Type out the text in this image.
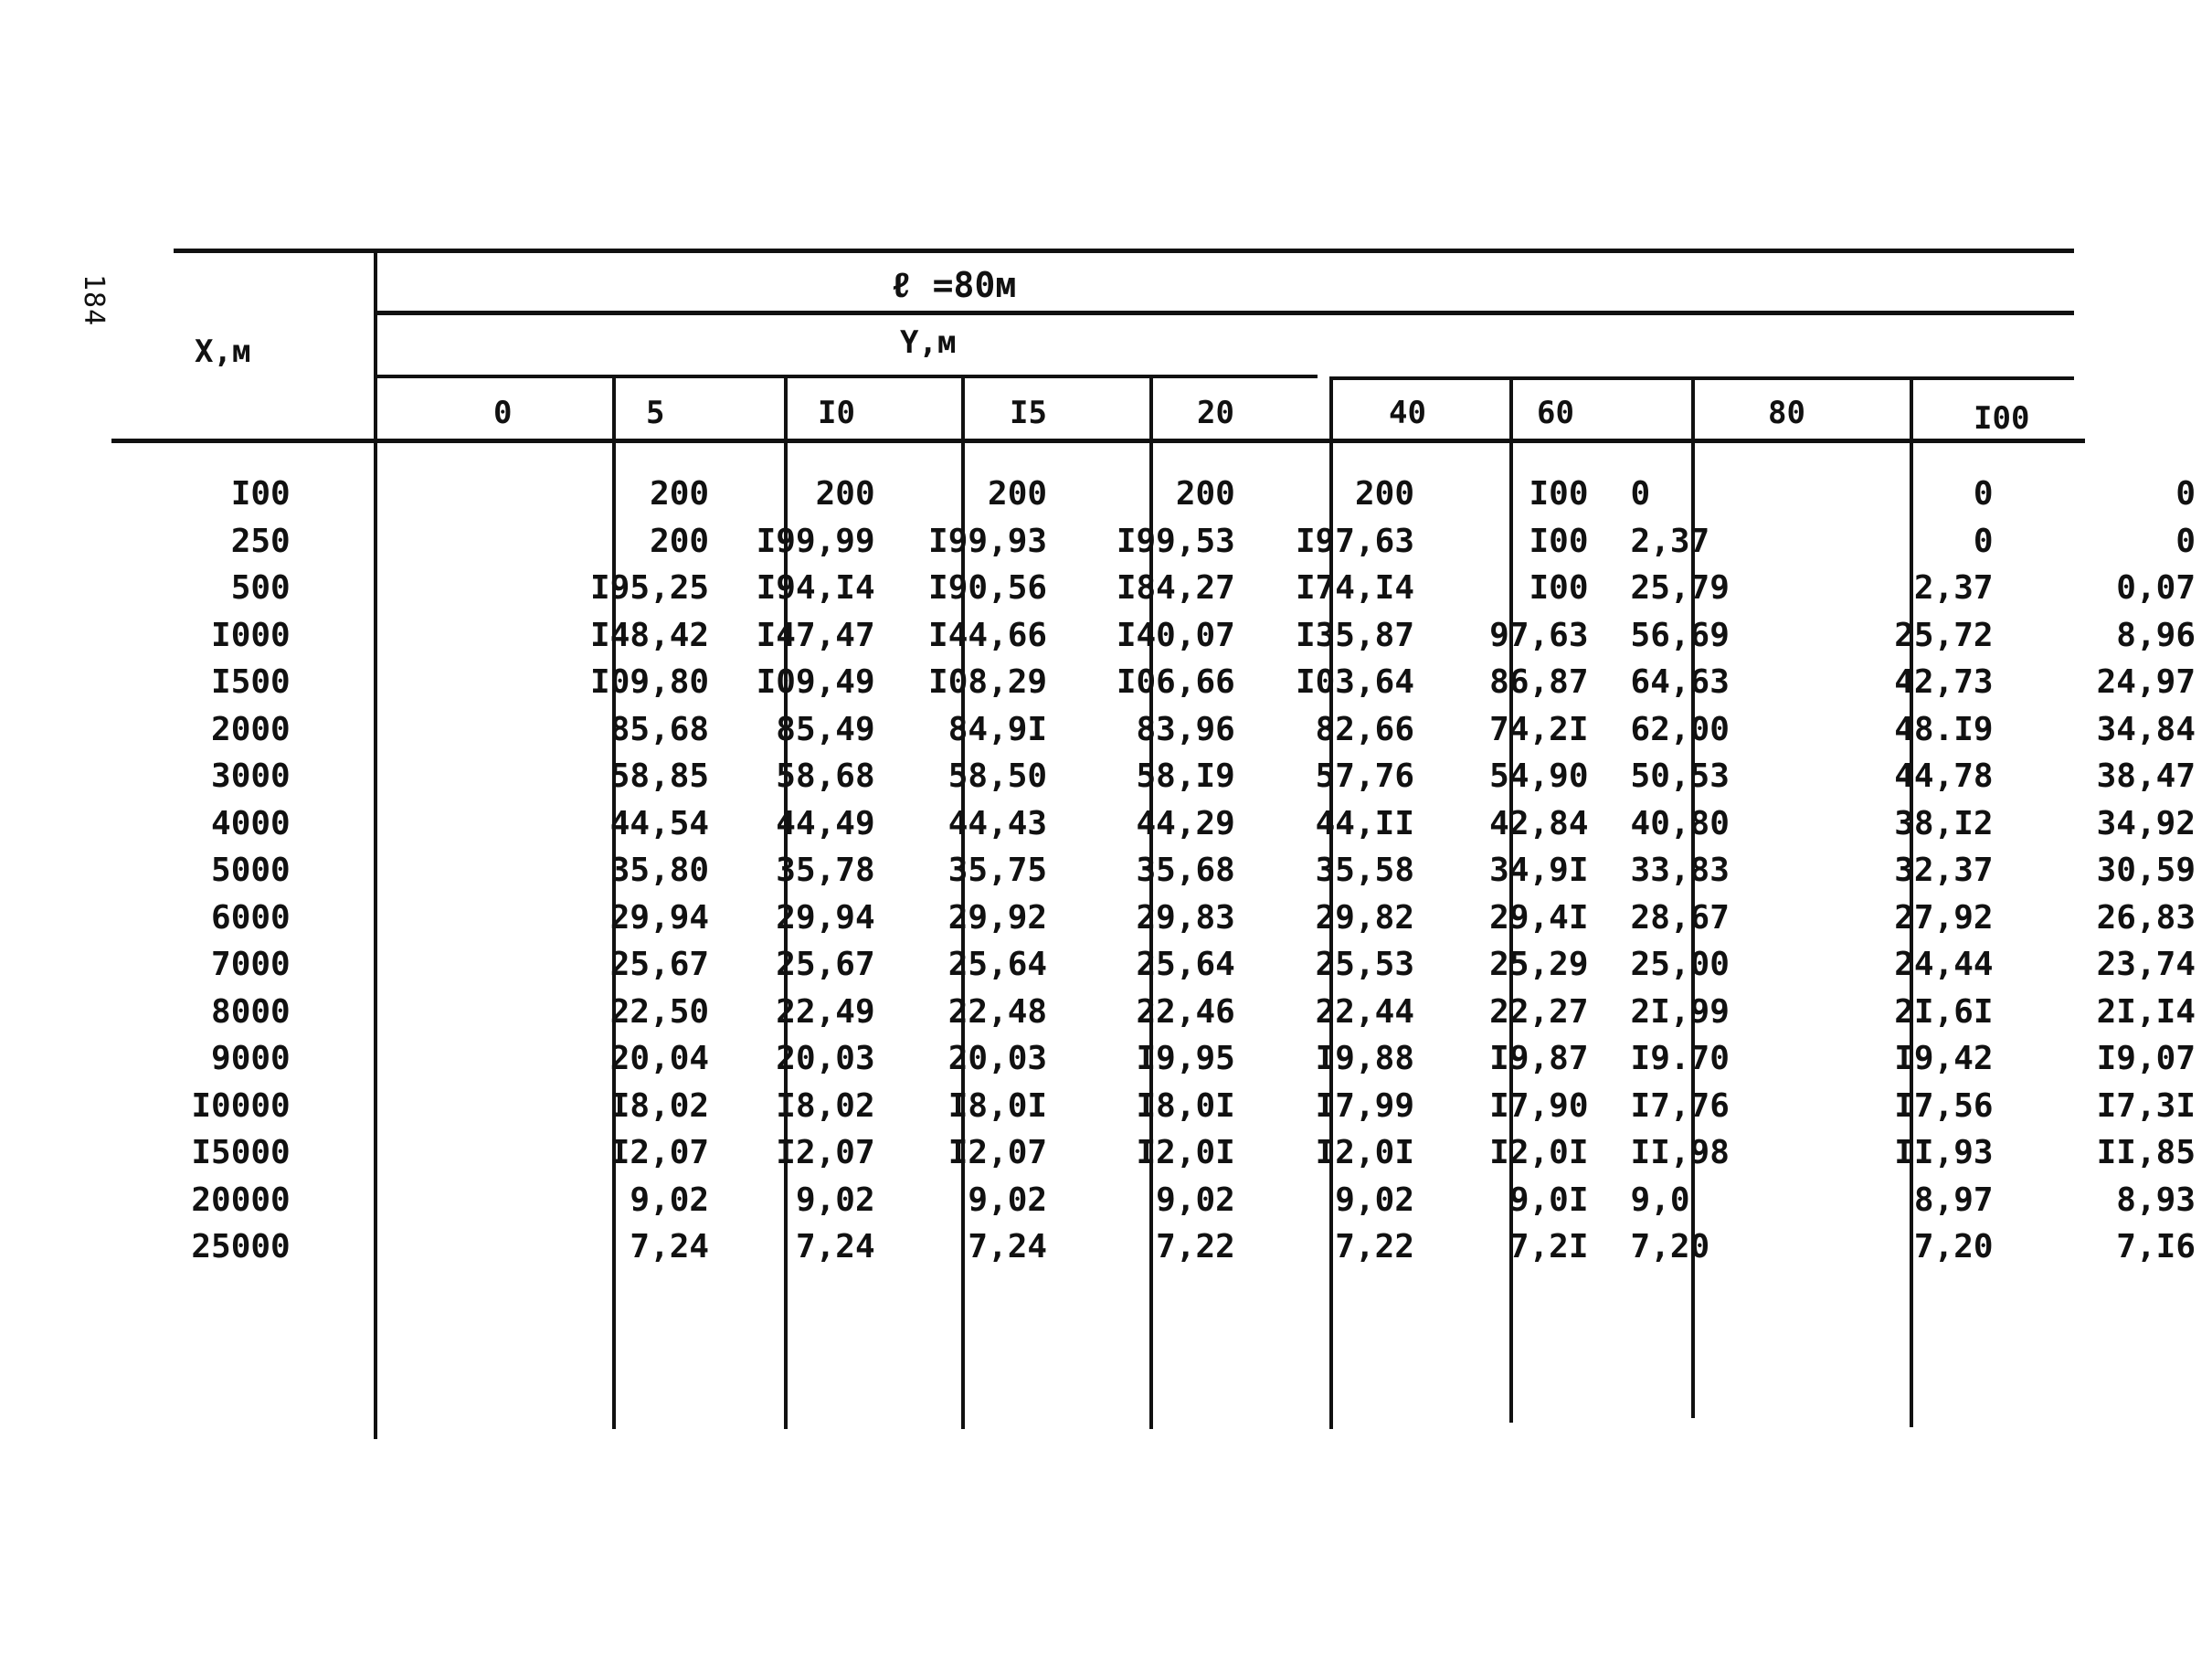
184
X,м
ℓ =80м
Y,м
0	5	I0	I5	20	40	60	80	I00
I00	200	200	200	200	200	I00	0	0	0
250	200	I99,99	I99,93	I99,53	I97,63	I00	2,37	0	0
500	I95,25	I94,I4	I90,56	I84,27	I74,I4	I00	25,79	2,37	0,07
I000	I48,42	I47,47	I44,66	I40,07	I35,87	97,63	56,69	25,72	8,96
I500	I09,80	I09,49	I08,29	I06,66	I03,64	86,87	64,63	42,73	24,97
2000	85,68	85,49	84,9I	83,96	82,66	74,2I	62,00	48.I9	34,84
3000	58,85	58,68	58,50	58,I9	57,76	54,90	50,53	44,78	38,47
4000	44,54	44,49	44,43	44,29	44,II	42,84	40,80	38,I2	34,92
5000	35,80	35,78	35,75	35,68	35,58	34,9I	33,83	32,37	30,59
6000	29,94	29,94	29,92	29,83	29,82	29,4I	28,67	27,92	26,83
7000	25,67	25,67	25,64	25,64	25,53	25,29	25,00	24,44	23,74
8000	22,50	22,49	22,48	22,46	22,44	22,27	2I,99	2I,6I	2I,I4
9000	20,04	20,03	20,03	I9,95	I9,88	I9,87	I9.70	I9,42	I9,07
I0000	I8,02	I8,02	I8,0I	I8,0I	I7,99	I7,90	I7,76	I7,56	I7,3I
I5000	I2,07	I2,07	I2,07	I2,0I	I2,0I	I2,0I	II,98	II,93	II,85
20000	9,02	9,02	9,02	9,02	9,02	9,0I	9,0	8,97	8,93
25000	7,24	7,24	7,24	7,22	7,22	7,2I	7,20	7,20	7,I6
